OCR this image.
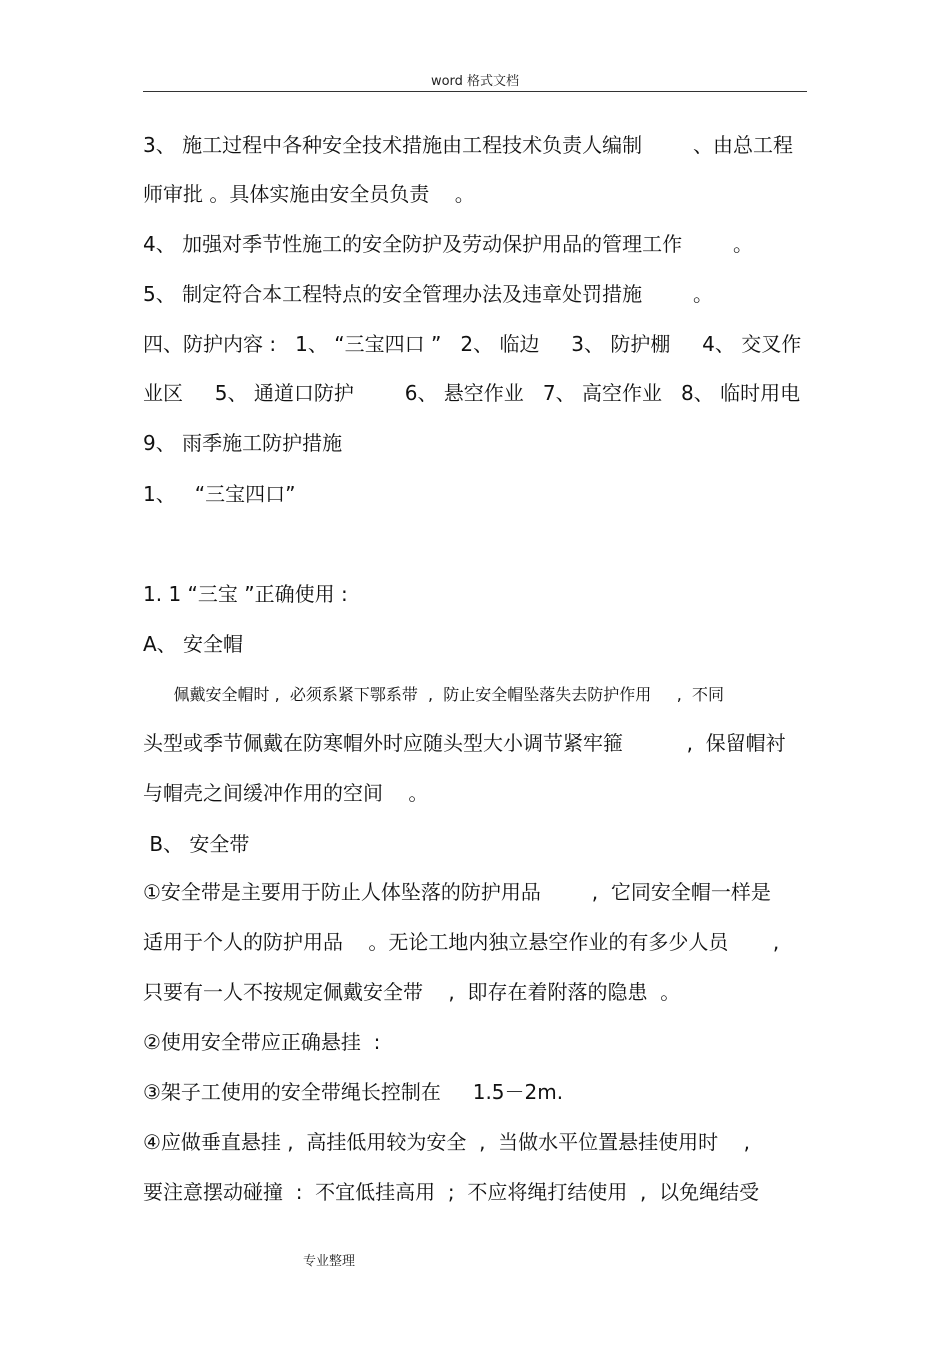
word 格式文档
3、 施工过程中各种安全技术措施由工程技术负责人编制        、由总工程
师审批 。具体实施由安全员负责    。
4、 加强对季节性施工的安全防护及劳动保护用品的管理工作        。
5、 制定符合本工程特点的安全管理办法及违章处罚措施        。
四、防护内容 :   1、 “三宝四口 ”   2、 临边     3、 防护棚     4、 交叉作
业区     5、 通道口防护        6、 悬空作业   7、 高空作业   8、 临时用电
9、 雨季施工防护措施
1、   “三宝四口”
1. 1 “三宝 ”正确使用 :
A、 安全帽
佩戴安全帽时 ,  必须系紧下鄂系带  ,  防止安全帽坠落失去防护作用     ,  不同
头型或季节佩戴在防寒帽外时应随头型大小调节紧牢箍          ,  保留帽衬
与帽壳之间缓冲作用的空间    。
B、 安全带
①安全带是主要用于防止人体坠落的防护用品        ,  它同安全帽一样是
适用于个人的防护用品    。无论工地内独立悬空作业的有多少人员       ,
只要有一人不按规定佩戴安全带    ,  即存在着附落的隐患  。
②使用安全带应正确悬挂  :
③架子工使用的安全带绳长控制在     1.5－2m.
④应做垂直悬挂 ,  高挂低用较为安全  ,  当做水平位置悬挂使用时    ,
要注意摆动碰撞  :  不宜低挂高用  ;  不应将绳打结使用  ,  以免绳结受
专业整理
